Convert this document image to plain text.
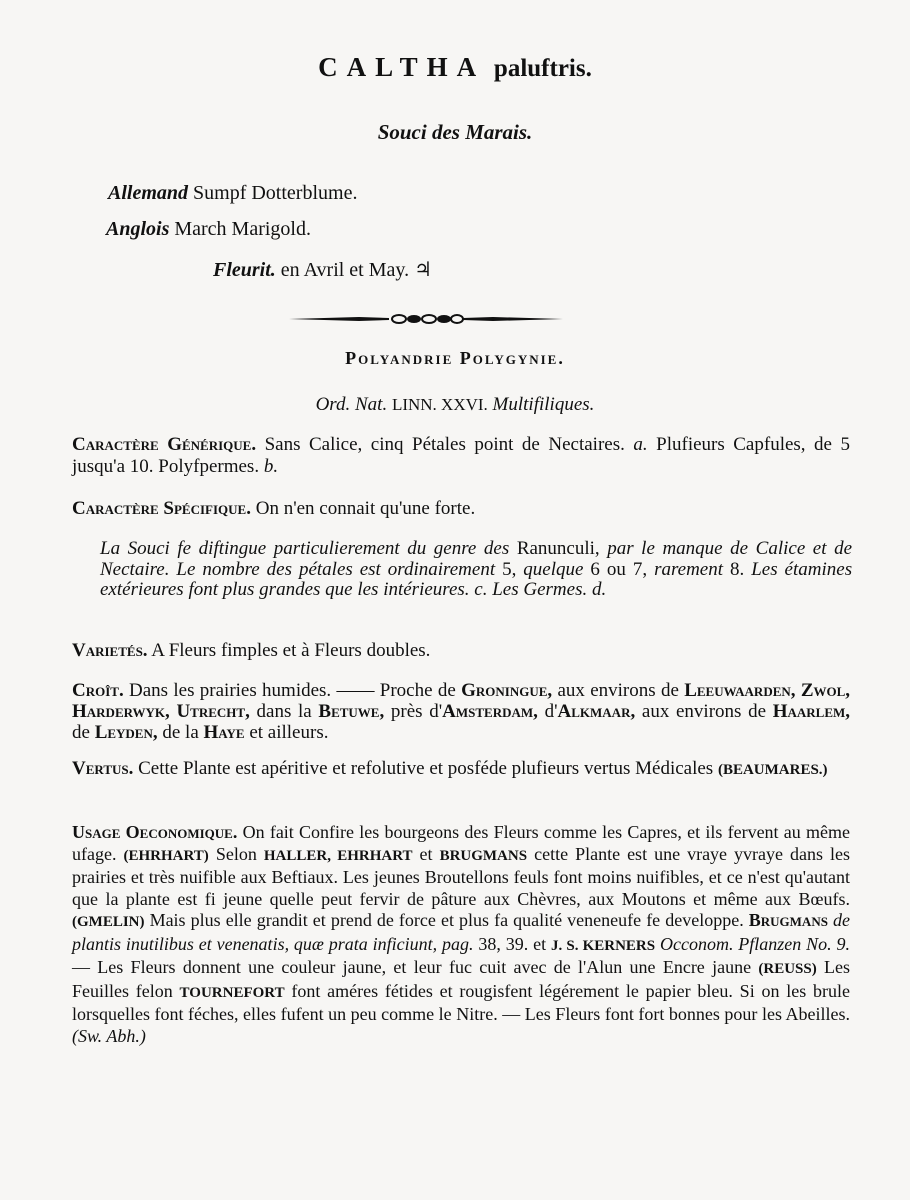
CALTHA paluftris.
Souci des Marais.
Allemand Sumpf Dotterblume.
Anglois March Marigold.
Fleurit. en Avril et May. ♃
Polyandrie Polygynie.
Ord. Nat. LINN. XXVI. Multifiliques.
Caractère Générique. Sans Calice, cinq Pétales point de Nectaires. a. Plufieurs Capfules, de 5 jusqu'a 10. Polyfpermes. b.
Caractère Spécifique. On n'en connait qu'une forte.
La Souci fe diftingue particulierement du genre des Ranunculi, par le manque de Calice et de Nectaire. Le nombre des pétales est ordinairement 5, quelque 6 ou 7, rarement 8. Les étamines extérieures font plus grandes que les intérieures. c. Les Germes. d.
Varietés. A Fleurs fimples et à Fleurs doubles.
Croît. Dans les prairies humides. —— Proche de Groningue, aux environs de Leeuwaarden, Zwol, Harderwyk, Utrecht, dans la Betuwe, près d'Amsterdam, d'Alkmaar, aux environs de Haarlem, de Leyden, de la Haye et ailleurs.
Vertus. Cette Plante est apéritive et refolutive et posféde plufieurs vertus Médicales (BEAUMARES.)
Usage Oeconomique. On fait Confire les bourgeons des Fleurs comme les Capres, et ils fervent au même ufage. (EHRHART) Selon HALLER, EHRHART et BRUGMANS cette Plante est une vraye yvraye dans les prairies et très nuifible aux Beftiaux. Les jeunes Broutellons feuls font moins nuifibles, et ce n'est qu'autant que la plante est fi jeune quelle peut fervir de pâture aux Chèvres, aux Moutons et même aux Bœufs. (GMELIN) Mais plus elle grandit et prend de force et plus fa qualité veneneufe fe developpe. Brugmans de plantis inutilibus et venenatis, quæ prata inficiunt, pag. 38, 39. et J. S. KERNERS Occonom. Pflanzen No. 9. — Les Fleurs donnent une couleur jaune, et leur fuc cuit avec de l'Alun une Encre jaune (REUSS) Les Feuilles felon TOURNEFORT font améres fétides et rougisfent légérement le papier bleu. Si on les brule lorsquelles font féches, elles fufent un peu comme le Nitre. — Les Fleurs font fort bonnes pour les Abeilles. (Sw. Abh.)
